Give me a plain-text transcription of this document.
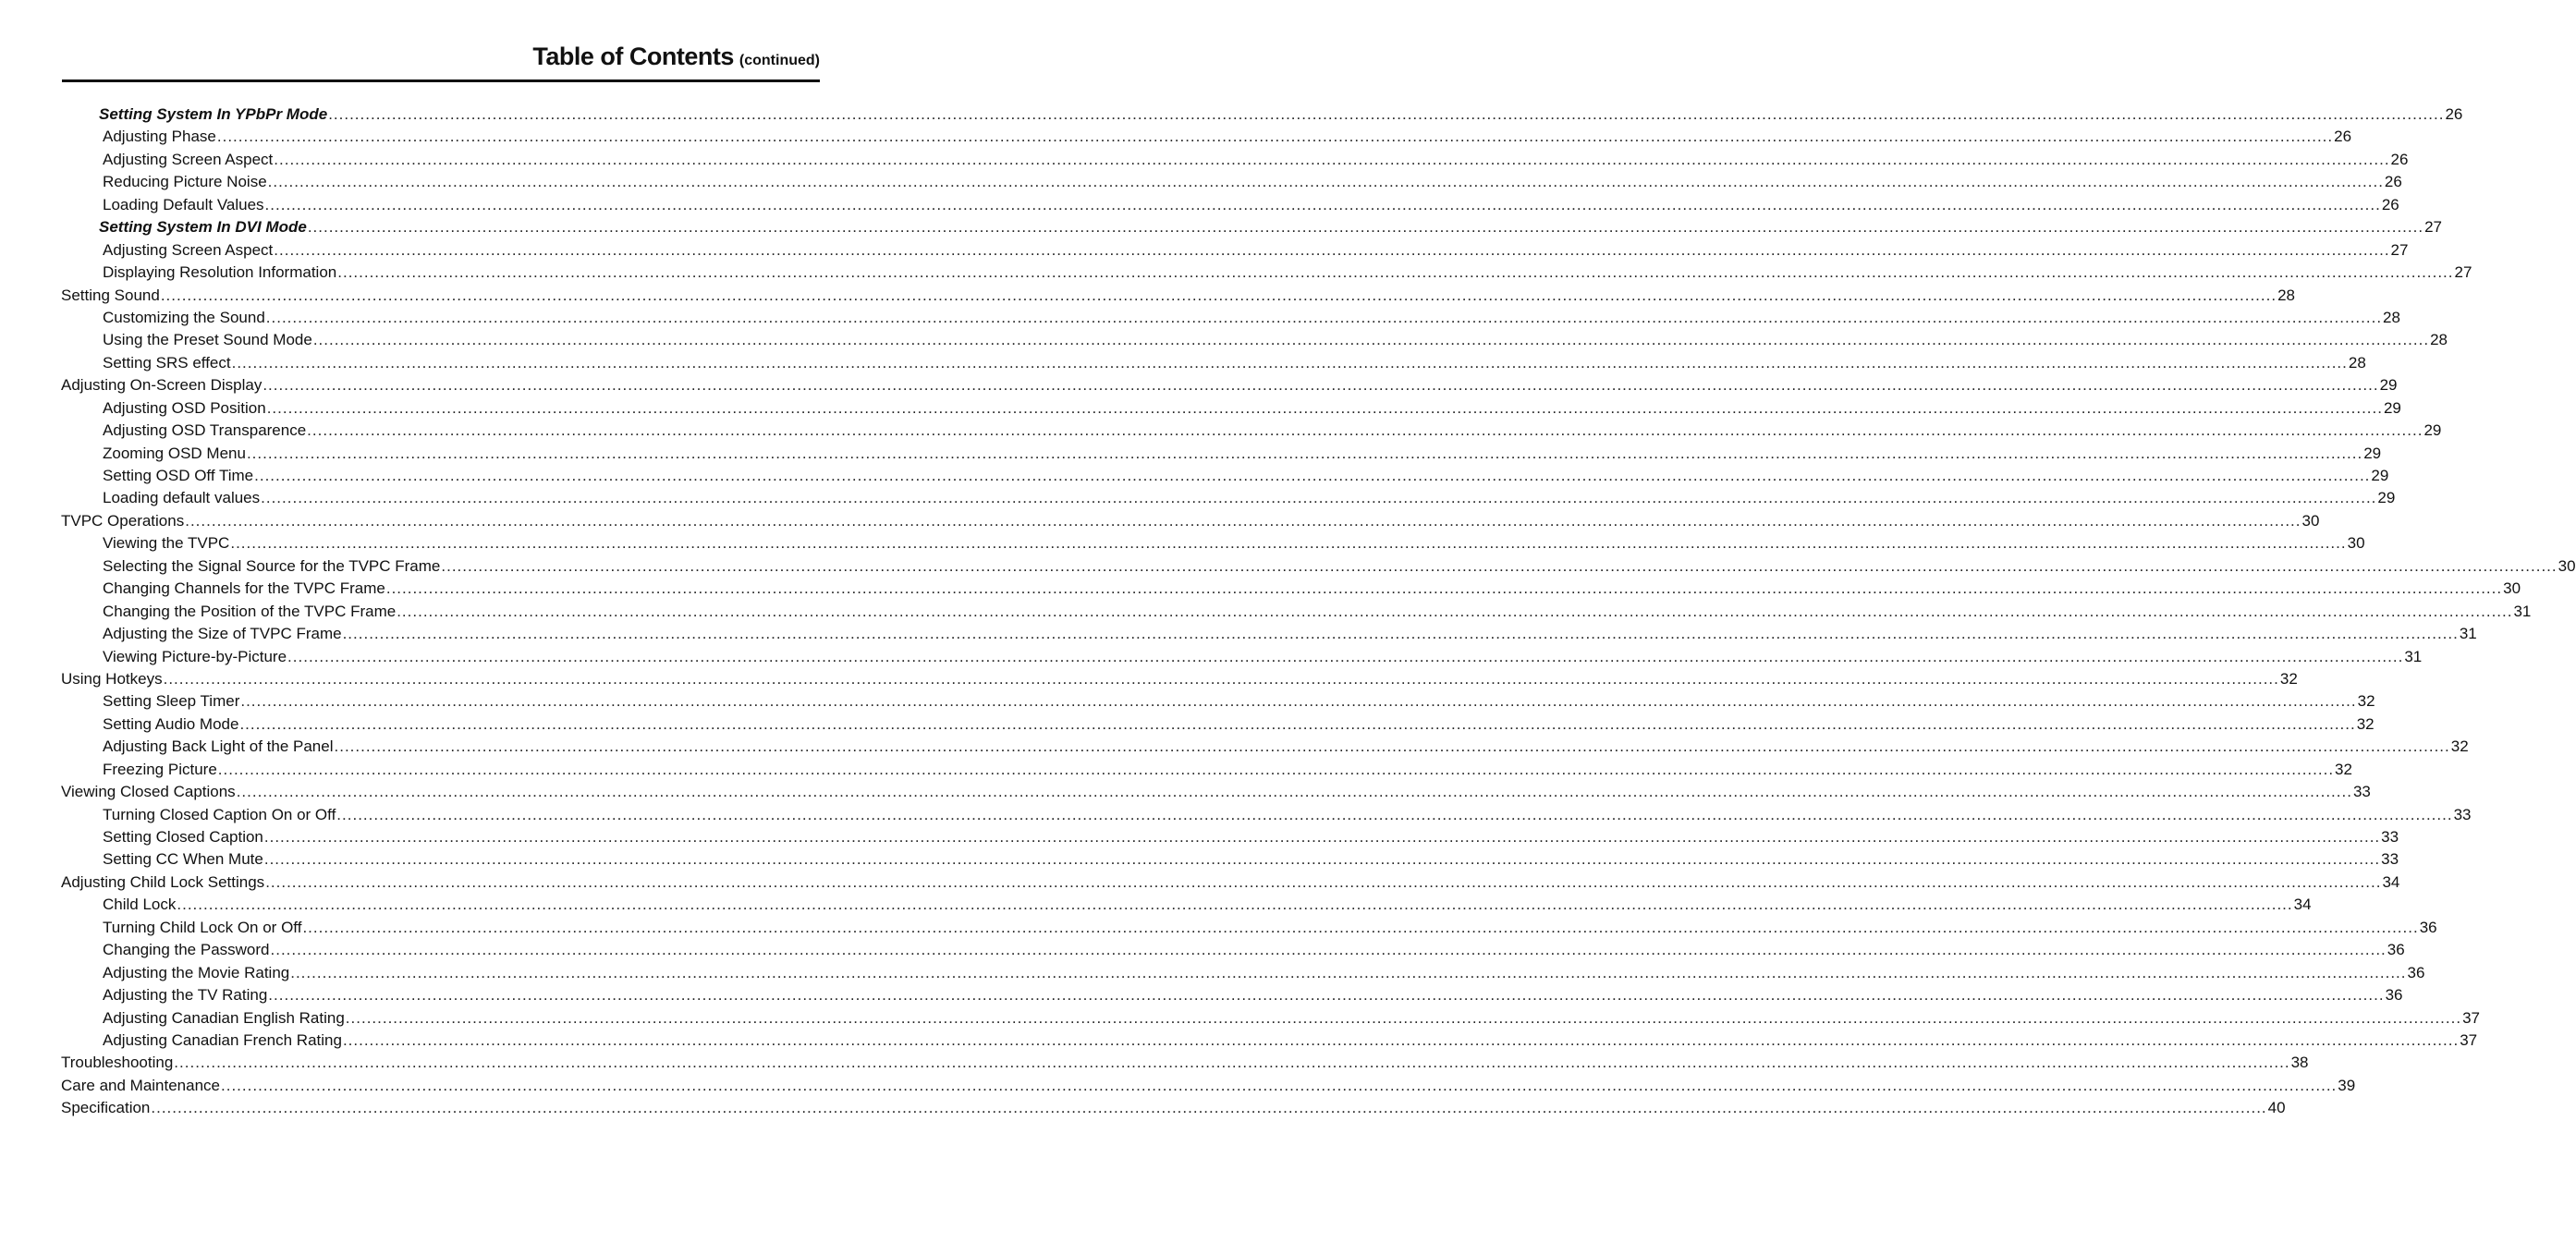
Table of Contents (continued)
Setting System In YPbPr Mode ................................................................................................................................................................................................................................................................................................................................................................................................................ 26
Adjusting Phase ................................................................................................................................................................................................................................................................................................................................................................................................................ 26
Adjusting Screen Aspect ................................................................................................................................................................................................................................................................................................................................................................................................................ 26
Reducing Picture Noise ................................................................................................................................................................................................................................................................................................................................................................................................................ 26
Loading Default Values ................................................................................................................................................................................................................................................................................................................................................................................................................ 26
Setting System In DVI Mode ................................................................................................................................................................................................................................................................................................................................................................................................................ 27
Adjusting Screen Aspect ................................................................................................................................................................................................................................................................................................................................................................................................................ 27
Displaying Resolution Information ................................................................................................................................................................................................................................................................................................................................................................................................................ 27
Setting Sound ................................................................................................................................................................................................................................................................................................................................................................................................................ 28
Customizing the Sound ................................................................................................................................................................................................................................................................................................................................................................................................................ 28
Using the Preset Sound Mode ................................................................................................................................................................................................................................................................................................................................................................................................................ 28
Setting SRS effect ................................................................................................................................................................................................................................................................................................................................................................................................................ 28
Adjusting On-Screen Display ................................................................................................................................................................................................................................................................................................................................................................................................................ 29
Adjusting OSD Position ................................................................................................................................................................................................................................................................................................................................................................................................................ 29
Adjusting OSD Transparence ................................................................................................................................................................................................................................................................................................................................................................................................................ 29
Zooming OSD Menu ................................................................................................................................................................................................................................................................................................................................................................................................................ 29
Setting OSD Off Time ................................................................................................................................................................................................................................................................................................................................................................................................................ 29
Loading default values ................................................................................................................................................................................................................................................................................................................................................................................................................ 29
TVPC Operations ................................................................................................................................................................................................................................................................................................................................................................................................................ 30
Viewing the TVPC ................................................................................................................................................................................................................................................................................................................................................................................................................ 30
Selecting the Signal Source for the TVPC Frame ................................................................................................................................................................................................................................................................................................................................................................................................................ 30
Changing Channels for the TVPC Frame ................................................................................................................................................................................................................................................................................................................................................................................................................ 30
Changing the Position of the TVPC Frame ................................................................................................................................................................................................................................................................................................................................................................................................................ 31
Adjusting the Size of TVPC Frame ................................................................................................................................................................................................................................................................................................................................................................................................................ 31
Viewing Picture-by-Picture ................................................................................................................................................................................................................................................................................................................................................................................................................ 31
Using Hotkeys ................................................................................................................................................................................................................................................................................................................................................................................................................ 32
Setting Sleep Timer ................................................................................................................................................................................................................................................................................................................................................................................................................ 32
Setting Audio Mode ................................................................................................................................................................................................................................................................................................................................................................................................................ 32
Adjusting Back Light of the Panel ................................................................................................................................................................................................................................................................................................................................................................................................................ 32
Freezing Picture ................................................................................................................................................................................................................................................................................................................................................................................................................ 32
Viewing Closed Captions ................................................................................................................................................................................................................................................................................................................................................................................................................ 33
Turning Closed Caption On or Off ................................................................................................................................................................................................................................................................................................................................................................................................................ 33
Setting Closed Caption ................................................................................................................................................................................................................................................................................................................................................................................................................ 33
Setting CC When Mute ................................................................................................................................................................................................................................................................................................................................................................................................................ 33
Adjusting Child Lock Settings ................................................................................................................................................................................................................................................................................................................................................................................................................ 34
Child Lock ................................................................................................................................................................................................................................................................................................................................................................................................................ 34
Turning Child Lock On or Off ................................................................................................................................................................................................................................................................................................................................................................................................................ 36
Changing the Password ................................................................................................................................................................................................................................................................................................................................................................................................................ 36
Adjusting the Movie Rating ................................................................................................................................................................................................................................................................................................................................................................................................................ 36
Adjusting the TV Rating ................................................................................................................................................................................................................................................................................................................................................................................................................ 36
Adjusting Canadian English Rating ................................................................................................................................................................................................................................................................................................................................................................................................................ 37
Adjusting Canadian French Rating ................................................................................................................................................................................................................................................................................................................................................................................................................ 37
Troubleshooting ................................................................................................................................................................................................................................................................................................................................................................................................................ 38
Care and Maintenance ................................................................................................................................................................................................................................................................................................................................................................................................................ 39
Specification ................................................................................................................................................................................................................................................................................................................................................................................................................ 40
